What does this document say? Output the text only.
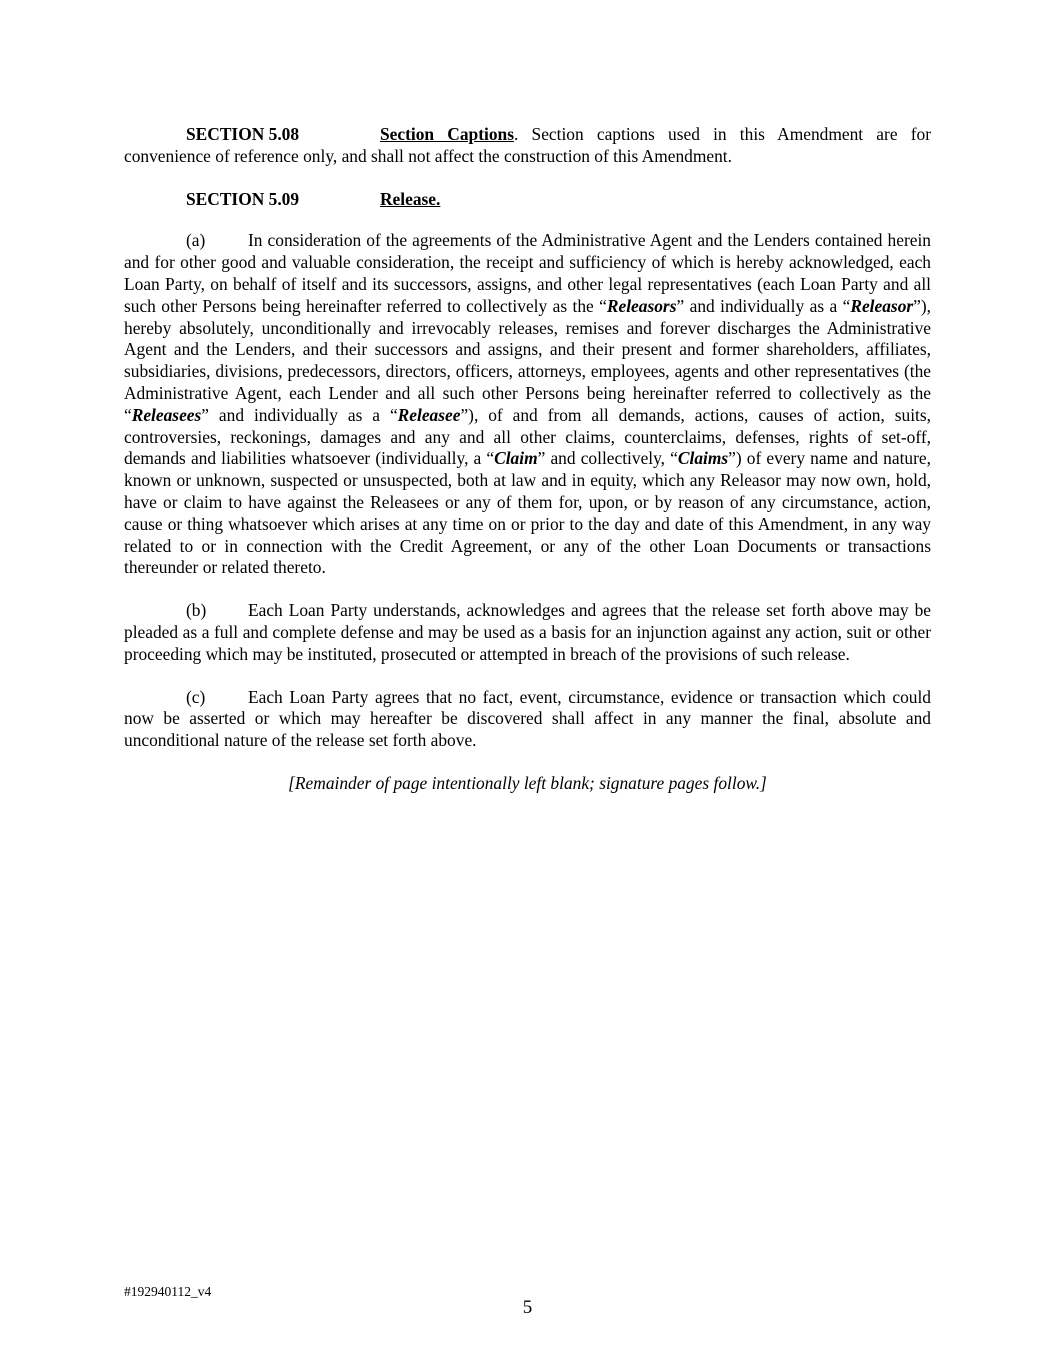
SECTION 5.08	Section Captions. Section captions used in this Amendment are for convenience of reference only, and shall not affect the construction of this Amendment.

SECTION 5.09	Release.

(a) In consideration of the agreements of the Administrative Agent and the Lenders contained herein and for other good and valuable consideration, the receipt and sufficiency of which is hereby acknowledged, each Loan Party, on behalf of itself and its successors, assigns, and other legal representatives (each Loan Party and all such other Persons being hereinafter referred to collectively as the “Releasors” and individually as a “Releasor”), hereby absolutely, unconditionally and irrevocably releases, remises and forever discharges the Administrative Agent and the Lenders, and their successors and assigns, and their present and former shareholders, affiliates, subsidiaries, divisions, predecessors, directors, officers, attorneys, employees, agents and other representatives (the Administrative Agent, each Lender and all such other Persons being hereinafter referred to collectively as the “Releasees” and individually as a “Releasee”), of and from all demands, actions, causes of action, suits, controversies, reckonings, damages and any and all other claims, counterclaims, defenses, rights of set-off, demands and liabilities whatsoever (individually, a “Claim” and collectively, “Claims”) of every name and nature, known or unknown, suspected or unsuspected, both at law and in equity, which any Releasor may now own, hold, have or claim to have against the Releasees or any of them for, upon, or by reason of any circumstance, action, cause or thing whatsoever which arises at any time on or prior to the day and date of this Amendment, in any way related to or in connection with the Credit Agreement, or any of the other Loan Documents or transactions thereunder or related thereto.

(b) Each Loan Party understands, acknowledges and agrees that the release set forth above may be pleaded as a full and complete defense and may be used as a basis for an injunction against any action, suit or other proceeding which may be instituted, prosecuted or attempted in breach of the provisions of such release.

(c) Each Loan Party agrees that no fact, event, circumstance, evidence or transaction which could now be asserted or which may hereafter be discovered shall affect in any manner the final, absolute and unconditional nature of the release set forth above.

[Remainder of page intentionally left blank; signature pages follow.]

#192940112_v4
5
